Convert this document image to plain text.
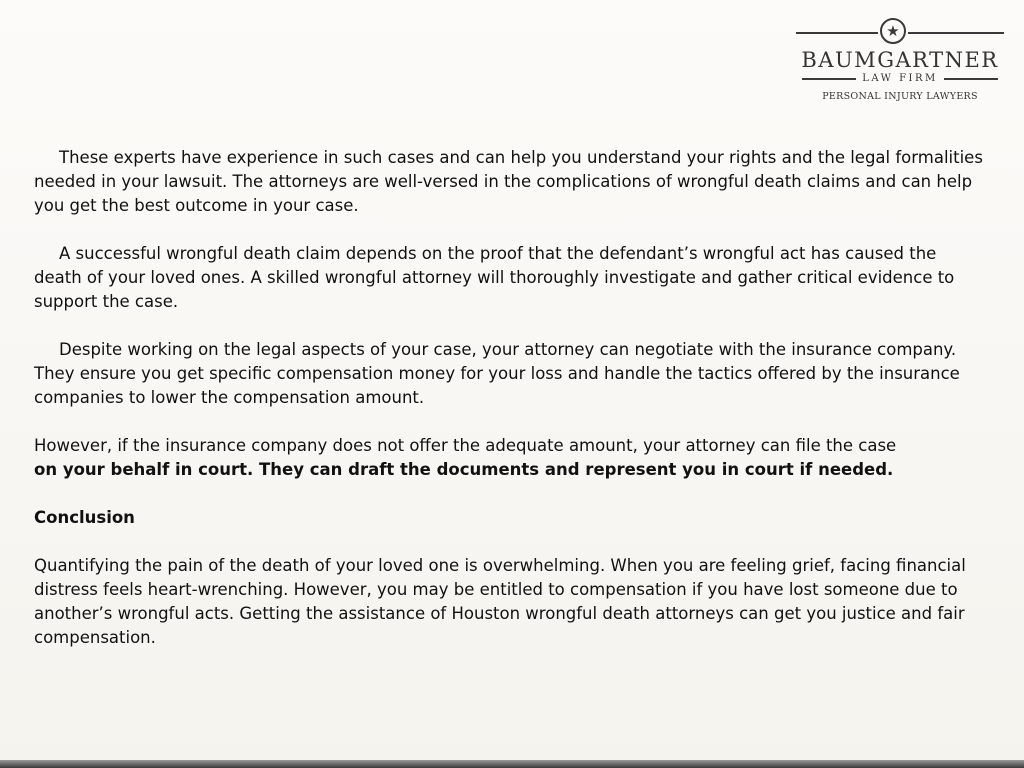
★
BAUMGARTNER
LAW FIRM
PERSONAL INJURY LAWYERS

These experts have experience in such cases and can help you understand your rights and the legal formalities needed in your lawsuit. The attorneys are well-versed in the complications of wrongful death claims and can help you get the best outcome in your case.

A successful wrongful death claim depends on the proof that the defendant’s wrongful act has caused the death of your loved ones. A skilled wrongful attorney will thoroughly investigate and gather critical evidence to support the case.

Despite working on the legal aspects of your case, your attorney can negotiate with the insurance company. They ensure you get specific compensation money for your loss and handle the tactics offered by the insurance companies to lower the compensation amount.

However, if the insurance company does not offer the adequate amount, your attorney can file the case
on your behalf in court. They can draft the documents and represent you in court if needed.

Conclusion

Quantifying the pain of the death of your loved one is overwhelming. When you are feeling grief, facing financial distress feels heart-wrenching. However, you may be entitled to compensation if you have lost someone due to another’s wrongful acts. Getting the assistance of Houston wrongful death attorneys can get you justice and fair compensation.
